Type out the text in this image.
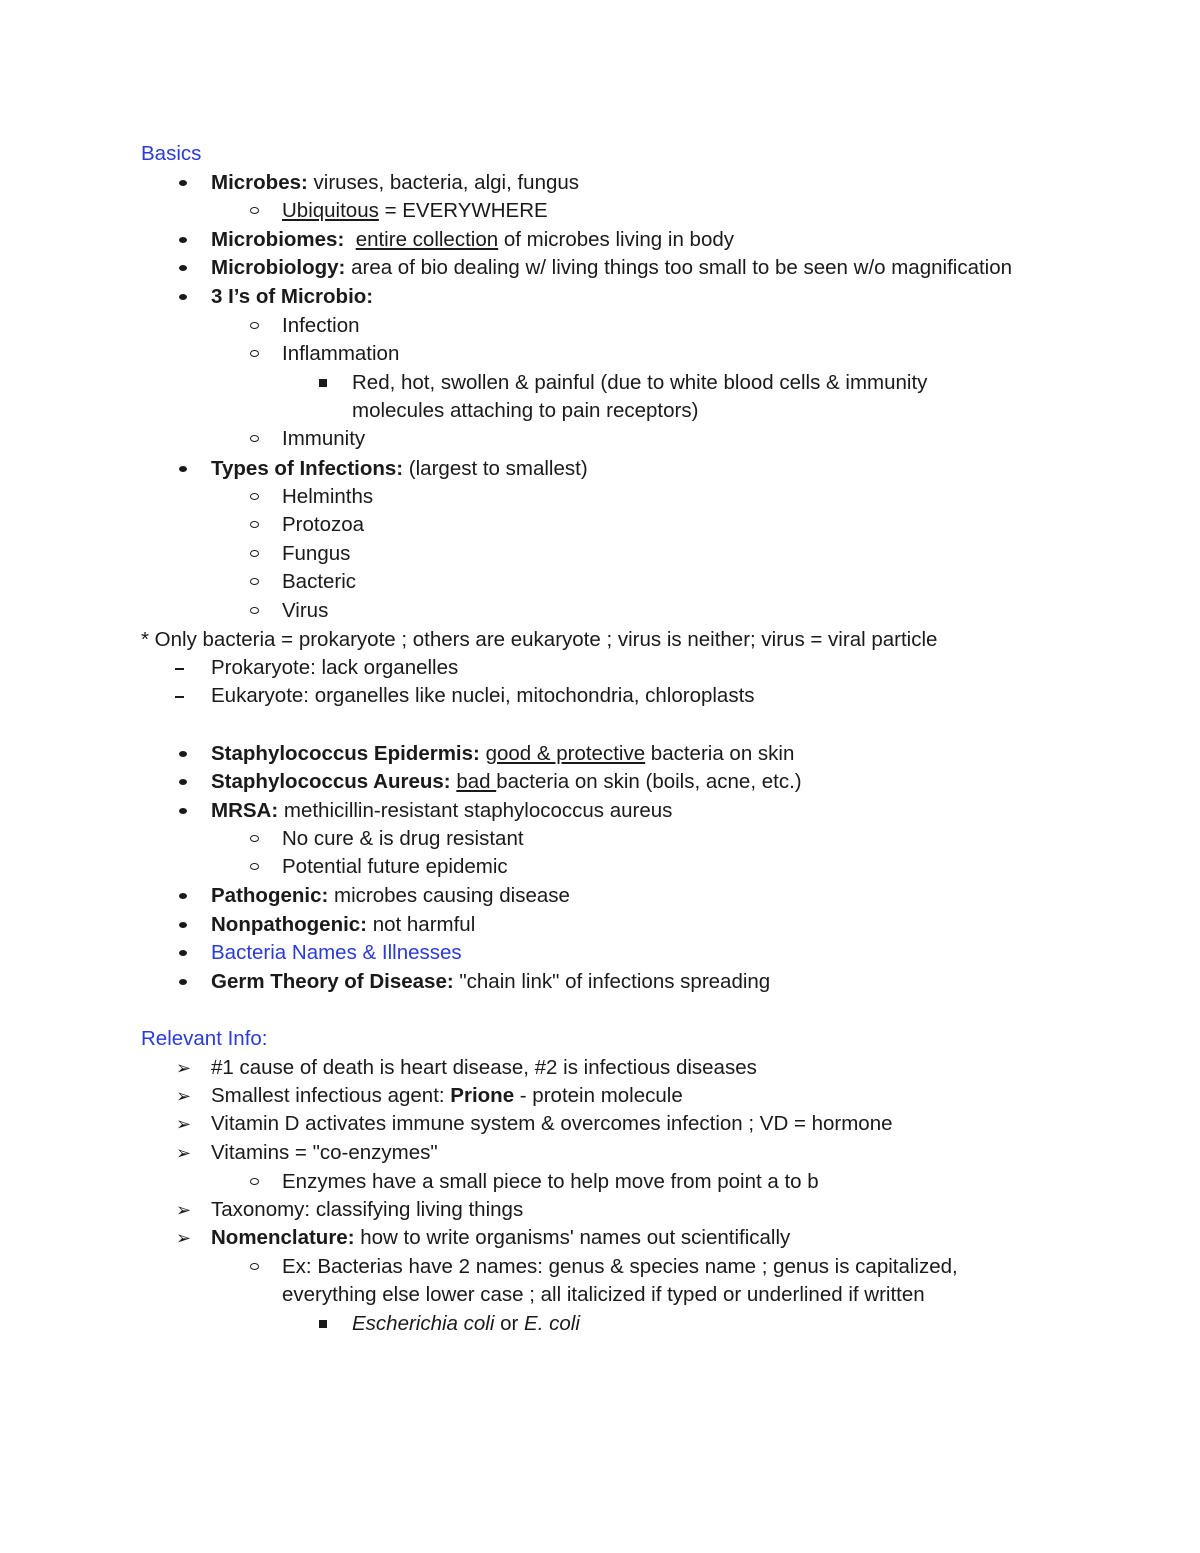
Basics
Microbes: viruses, bacteria, algi, fungus
Ubiquitous = EVERYWHERE
Microbiomes: entire collection of microbes living in body
Microbiology: area of bio dealing w/ living things too small to be seen w/o magnification
3 I’s of Microbio:
Infection
Inflammation
Red, hot, swollen & painful (due to white blood cells & immunity
molecules attaching to pain receptors)
Immunity
Types of Infections: (largest to smallest)
Helminths
Protozoa
Fungus
Bacteric
Virus
* Only bacteria = prokaryote ; others are eukaryote ; virus is neither; virus = viral particle
Prokaryote: lack organelles
Eukaryote: organelles like nuclei, mitochondria, chloroplasts
Staphylococcus Epidermis: good & protective bacteria on skin
Staphylococcus Aureus: bad bacteria on skin (boils, acne, etc.)
MRSA: methicillin-resistant staphylococcus aureus
No cure & is drug resistant
Potential future epidemic
Pathogenic: microbes causing disease
Nonpathogenic: not harmful
Bacteria Names & Illnesses
Germ Theory of Disease: "chain link" of infections spreading
Relevant Info:
➢ #1 cause of death is heart disease, #2 is infectious diseases
➢ Smallest infectious agent: Prione - protein molecule
➢ Vitamin D activates immune system & overcomes infection ; VD = hormone
➢ Vitamins = "co-enzymes"
Enzymes have a small piece to help move from point a to b
➢ Taxonomy: classifying living things
➢ Nomenclature: how to write organisms' names out scientifically
Ex: Bacterias have 2 names: genus & species name ; genus is capitalized,
everything else lower case ; all italicized if typed or underlined if written
Escherichia coli or E. coli
